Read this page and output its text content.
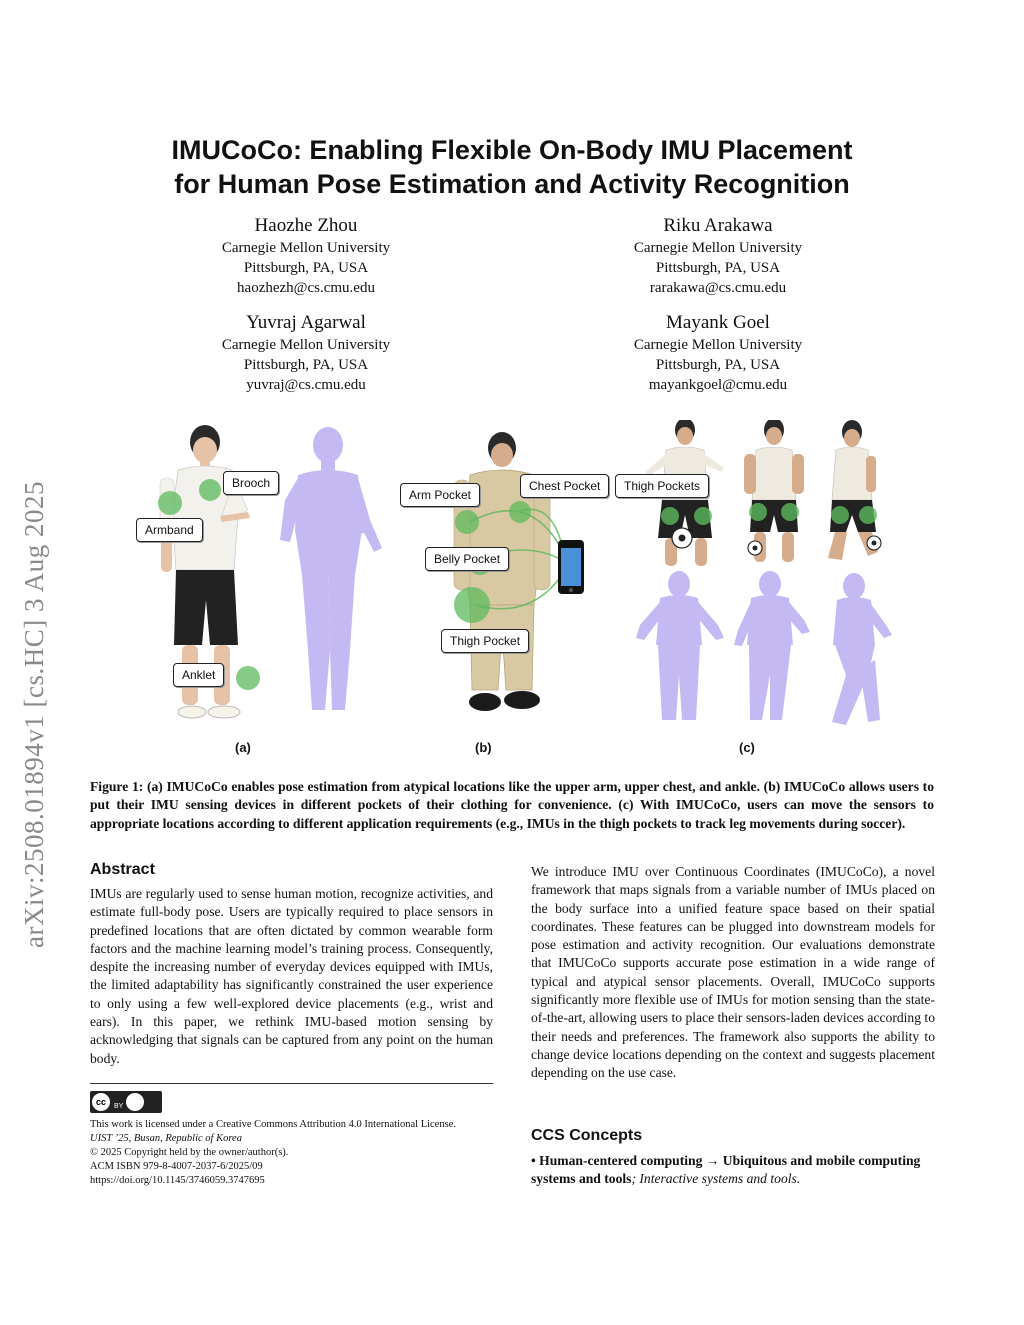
arXiv:2508.01894v1 [cs.HC] 3 Aug 2025
IMUCoCo: Enabling Flexible On-Body IMU Placement
for Human Pose Estimation and Activity Recognition
Haozhe Zhou
Carnegie Mellon University
Pittsburgh, PA, USA
haozhezh@cs.cmu.edu
Riku Arakawa
Carnegie Mellon University
Pittsburgh, PA, USA
rarakawa@cs.cmu.edu
Yuvraj Agarwal
Carnegie Mellon University
Pittsburgh, PA, USA
yuvraj@cs.cmu.edu
Mayank Goel
Carnegie Mellon University
Pittsburgh, PA, USA
mayankgoel@cmu.edu
Brooch
Armband
Anklet
Arm Pocket
Chest Pocket
Belly Pocket
Thigh Pocket
Thigh Pockets
(a)	(b)	(c)
Figure 1: (a) IMUCoCo enables pose estimation from atypical locations like the upper arm, upper chest, and ankle. (b) IMUCoCo allows users to put their IMU sensing devices in different pockets of their clothing for convenience. (c) With IMUCoCo, users can move the sensors to appropriate locations according to different application requirements (e.g., IMUs in the thigh pockets to track leg movements during soccer).
Abstract
IMUs are regularly used to sense human motion, recognize activities, and estimate full-body pose. Users are typically required to place sensors in predefined locations that are often dictated by common wearable form factors and the machine learning model’s training process. Consequently, despite the increasing number of everyday devices equipped with IMUs, the limited adaptability has significantly constrained the user experience to only using a few well-explored device placements (e.g., wrist and ears). In this paper, we rethink IMU-based motion sensing by acknowledging that signals can be captured from any point on the human body.
We introduce IMU over Continuous Coordinates (IMUCoCo), a novel framework that maps signals from a variable number of IMUs placed on the body surface into a unified feature space based on their spatial coordinates. These features can be plugged into downstream models for pose estimation and activity recognition. Our evaluations demonstrate that IMUCoCo supports accurate pose estimation in a wide range of typical and atypical sensor placements. Overall, IMUCoCo supports significantly more flexible use of IMUs for motion sensing than the state-of-the-art, allowing users to place their sensors-laden devices according to their needs and preferences. The framework also supports the ability to change device locations depending on the context and suggests placement depending on the use case.
cc	BY
This work is licensed under a Creative Commons Attribution 4.0 International License.
UIST ’25, Busan, Republic of Korea
© 2025 Copyright held by the owner/author(s).
ACM ISBN 979-8-4007-2037-6/2025/09
https://doi.org/10.1145/3746059.3747695
CCS Concepts
• Human-centered computing → Ubiquitous and mobile computing systems and tools; Interactive systems and tools.
